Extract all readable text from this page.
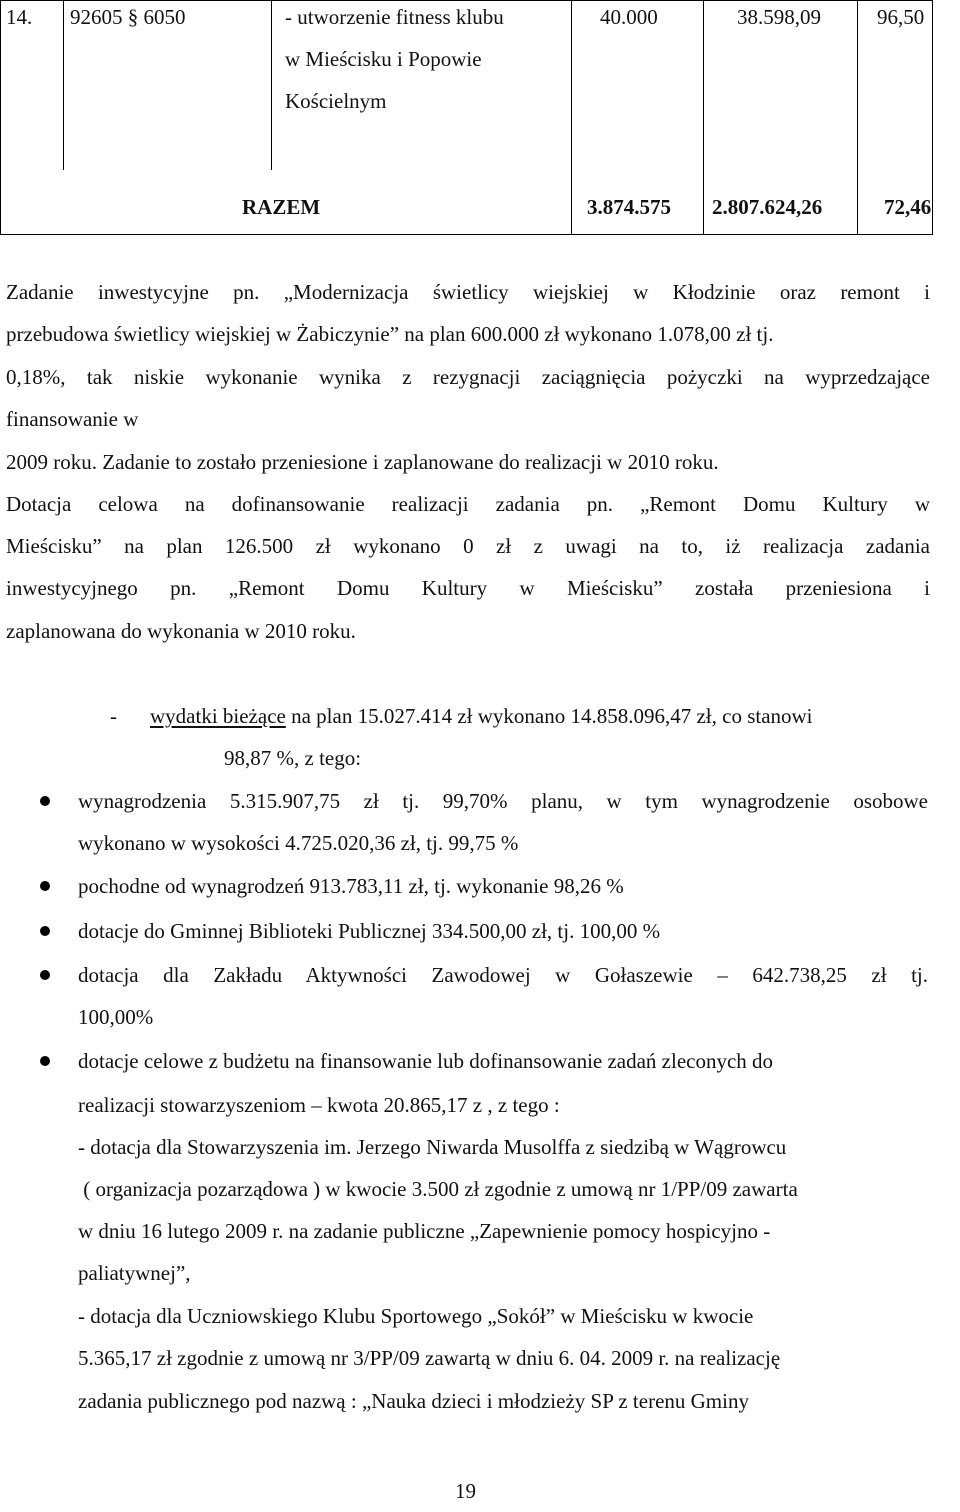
14. 92605 § 6050	- utworzenie fitness klubu
w Mieścisku i Popowie
Kościelnym
40.000	38.598,09	96,50
RAZEM	3.874.575 2.807.624,26	72,46
Zadanie inwestycyjne pn. „Modernizacja świetlicy wiejskiej w Kłodzinie oraz remont i
przebudowa świetlicy wiejskiej w Żabiczynie” na plan 600.000 zł wykonano 1.078,00 zł tj.
0,18%, tak niskie wykonanie wynika z rezygnacji zaciągnięcia pożyczki na wyprzedzające
finansowanie w
2009 roku. Zadanie to zostało przeniesione i zaplanowane do realizacji w 2010 roku.
Dotacja celowa na dofinansowanie realizacji zadania pn. „Remont Domu Kultury w
Mieścisku” na plan 126.500 zł wykonano 0 zł z uwagi na to, iż realizacja zadania
inwestycyjnego pn. „Remont Domu Kultury w Mieścisku” została przeniesiona i
zaplanowana do wykonania w 2010 roku.
- wydatki bieżące na plan 15.027.414 zł wykonano 14.858.096,47 zł, co stanowi
98,87 %, z tego:
wynagrodzenia 5.315.907,75 zł tj. 99,70% planu, w tym wynagrodzenie osobowe
wykonano w wysokości 4.725.020,36 zł, tj. 99,75 %
pochodne od wynagrodzeń 913.783,11 zł, tj. wykonanie 98,26 %
dotacje do Gminnej Biblioteki Publicznej 334.500,00 zł, tj. 100,00 %
dotacja dla Zakładu Aktywności Zawodowej w Gołaszewie – 642.738,25 zł tj.
100,00%
dotacje celowe z budżetu na finansowanie lub dofinansowanie zadań zleconych do
realizacji stowarzyszeniom – kwota 20.865,17 z , z tego :
- dotacja dla Stowarzyszenia im. Jerzego Niwarda Musolffa z siedzibą w Wągrowcu
( organizacja pozarządowa ) w kwocie 3.500 zł zgodnie z umową nr 1/PP/09 zawarta
w dniu 16 lutego 2009 r. na zadanie publiczne „Zapewnienie pomocy hospicyjno -
paliatywnej”,
- dotacja dla Uczniowskiego Klubu Sportowego „Sokół” w Mieścisku w kwocie
5.365,17 zł zgodnie z umową nr 3/PP/09 zawartą w dniu 6. 04. 2009 r. na realizację
zadania publicznego pod nazwą : „Nauka dzieci i młodzieży SP z terenu Gminy
19
